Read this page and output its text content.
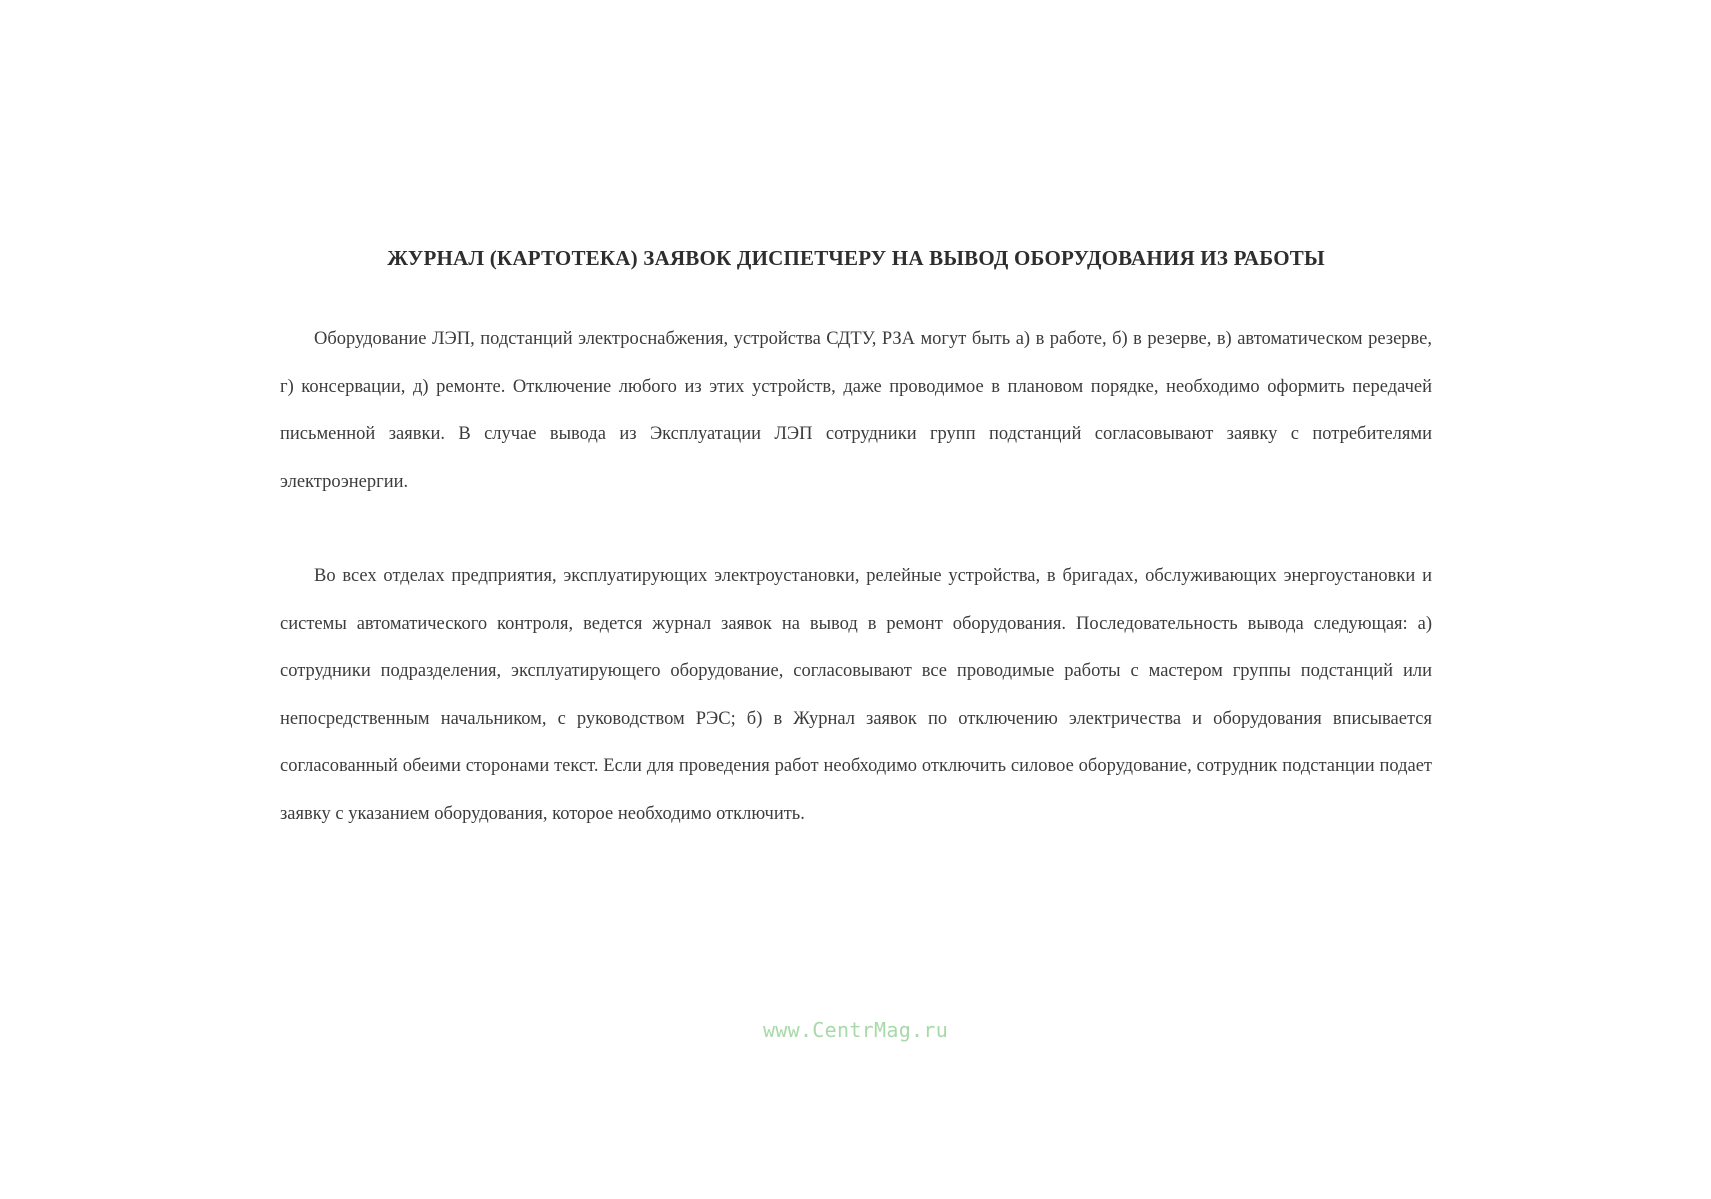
ЖУРНАЛ (КАРТОТЕКА) ЗАЯВОК ДИСПЕТЧЕРУ НА ВЫВОД ОБОРУДОВАНИЯ ИЗ РАБОТЫ

Оборудование ЛЭП, подстанций электроснабжения, устройства СДТУ, РЗА могут быть а) в работе, б) в резерве, в) автоматическом резерве, г) консервации, д) ремонте. Отключение любого из этих устройств, даже проводимое в плановом порядке, необходимо оформить передачей письменной заявки. В случае вывода из Эксплуатации ЛЭП сотрудники групп подстанций согласовывают заявку с потребителями электроэнергии.

Во всех отделах предприятия, эксплуатирующих электроустановки, релейные устройства, в бригадах, обслуживающих энергоустановки и системы автоматического контроля, ведется журнал заявок на вывод в ремонт оборудования. Последовательность вывода следующая: а) сотрудники подразделения, эксплуатирующего оборудование, согласовывают все проводимые работы с мастером группы подстанций или непосредственным начальником, с руководством РЭС; б) в Журнал заявок по отключению электричества и оборудования вписывается согласованный обеими сторонами текст. Если для проведения работ необходимо отключить силовое оборудование, сотрудник подстанции подает заявку с указанием оборудования, которое необходимо отключить.

www.CentrMag.ru
